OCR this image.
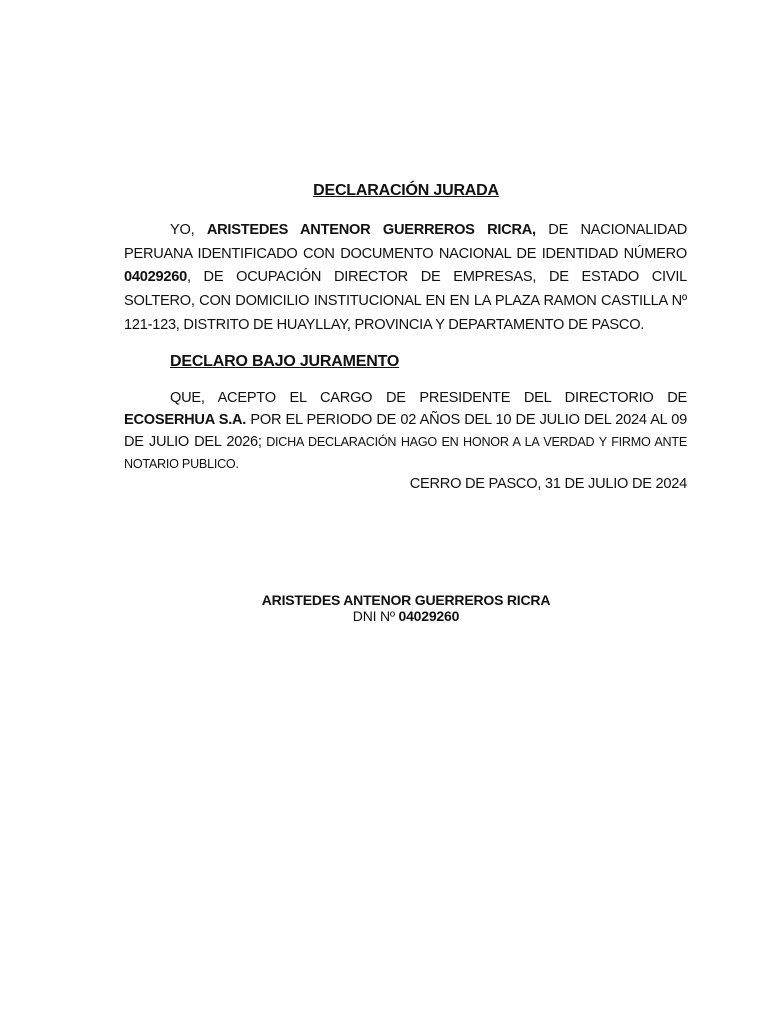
DECLARACIÓN JURADA
YO, ARISTEDES ANTENOR GUERREROS RICRA, DE NACIONALIDAD PERUANA IDENTIFICADO CON DOCUMENTO NACIONAL DE IDENTIDAD NÚMERO 04029260, DE OCUPACIÓN DIRECTOR DE EMPRESAS, DE ESTADO CIVIL SOLTERO, CON DOMICILIO INSTITUCIONAL EN EN LA PLAZA RAMON CASTILLA Nº 121-123, DISTRITO DE HUAYLLAY, PROVINCIA Y DEPARTAMENTO DE PASCO.
DECLARO BAJO JURAMENTO
QUE, ACEPTO EL CARGO DE PRESIDENTE DEL DIRECTORIO DE ECOSERHUA S.A. POR EL PERIODO DE 02 AÑOS DEL 10 DE JULIO DEL 2024 AL 09 DE JULIO DEL 2026; DICHA DECLARACIÓN HAGO EN HONOR A LA VERDAD Y FIRMO ANTE NOTARIO PUBLICO.
CERRO DE PASCO, 31 DE JULIO DE 2024
ARISTEDES ANTENOR GUERREROS RICRA
DNI Nº 04029260
